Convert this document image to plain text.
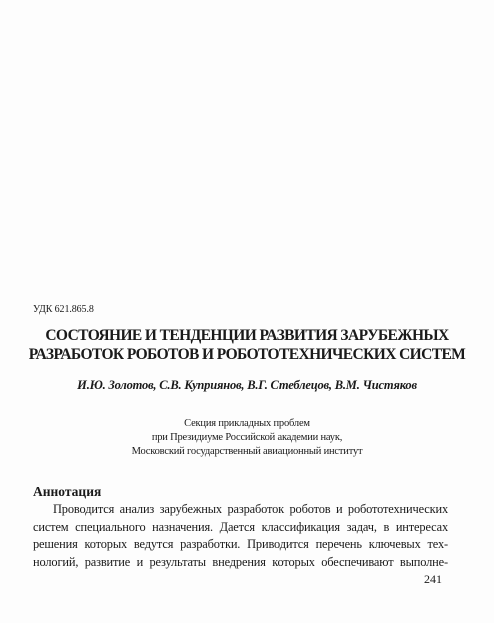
УДК 621.865.8
СОСТОЯНИЕ И ТЕНДЕНЦИИ РАЗВИТИЯ ЗАРУБЕЖНЫХ
РАЗРАБОТОК РОБОТОВ И РОБОТОТЕХНИЧЕСКИХ СИСТЕМ
И.Ю. Золотов, С.В. Куприянов, В.Г. Стеблецов, В.М. Чистяков
Секция прикладных проблем
при Президиуме Российской академии наук,
Московский государственный авиационный институт
Аннотация
Проводится анализ зарубежных разработок роботов и робототехнических
систем специального назначения. Дается классификация задач, в интересах
решения которых ведутся разработки. Приводится перечень ключевых тех-
нологий, развитие и результаты внедрения которых обеспечивают выполне-
241
